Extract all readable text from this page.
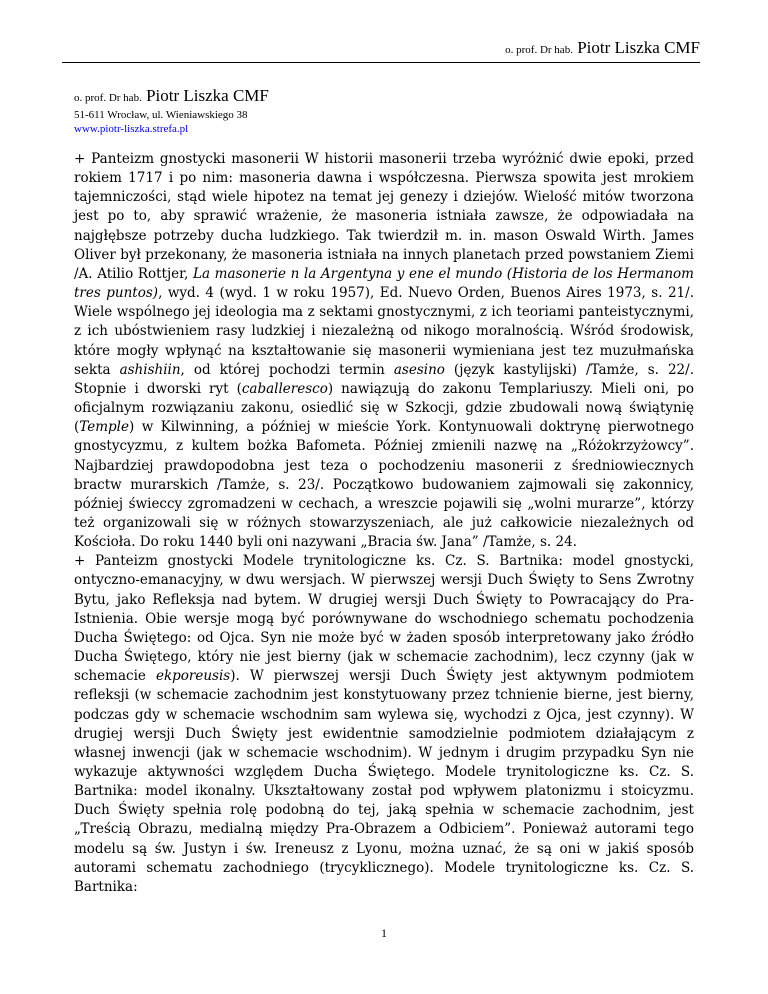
o. prof. Dr hab. Piotr Liszka CMF
o. prof. Dr hab. Piotr Liszka CMF
51-611 Wrocław, ul. Wieniawskiego 38
www.piotr-liszka.strefa.pl

+ Panteizm gnostycki masonerii W historii masonerii trzeba wyróżnić dwie epoki, przed rokiem 1717 i po nim: masoneria dawna i współczesna. Pierwsza spowita jest mrokiem tajemniczości, stąd wiele hipotez na temat jej genezy i dziejów. Wielość mitów tworzona jest po to, aby sprawić wrażenie, że masoneria istniała zawsze, że odpowiadała na najgłębsze potrzeby ducha ludzkiego. Tak twierdził m. in. mason Oswald Wirth. James Oliver był przekonany, że masoneria istniała na innych planetach przed powstaniem Ziemi /A. Atilio Rottjer, La masonerie n la Argentyna y ene el mundo (Historia de los Hermanom tres puntos), wyd. 4 (wyd. 1 w roku 1957), Ed. Nuevo Orden, Buenos Aires 1973, s. 21/. Wiele wspólnego jej ideologia ma z sektami gnostycznymi, z ich teoriami panteistycznymi, z ich ubóstwieniem rasy ludzkiej i niezależną od nikogo moralnością. Wśród środowisk, które mogły wpłynąć na kształtowanie się masonerii wymieniana jest tez muzułmańska sekta ashishiin, od której pochodzi termin asesino (język kastylijski) /Tamże, s. 22/. Stopnie i dworski ryt (caballeresco) nawiązują do zakonu Templariuszy. Mieli oni, po oficjalnym rozwiązaniu zakonu, osiedlić się w Szkocji, gdzie zbudowali nową świątynię (Temple) w Kilwinning, a później w mieście York. Kontynuowali doktrynę pierwotnego gnostycyzmu, z kultem bożka Bafometa. Później zmienili nazwę na „Różokrzyżowcy”. Najbardziej prawdopodobna jest teza o pochodzeniu masonerii z średniowiecznych bractw murarskich /Tamże, s. 23/. Początkowo budowaniem zajmowali się zakonnicy, później świeccy zgromadzeni w cechach, a wreszcie pojawili się „wolni murarze”, którzy też organizowali się w różnych stowarzyszeniach, ale już całkowicie niezależnych od Kościoła. Do roku 1440 byli oni nazywani „Bracia św. Jana” /Tamże, s. 24.
+ Panteizm gnostycki Modele trynitologiczne ks. Cz. S. Bartnika: model gnostycki, ontyczno-emanacyjny, w dwu wersjach. W pierwszej wersji Duch Święty to Sens Zwrotny Bytu, jako Refleksja nad bytem. W drugiej wersji Duch Święty to Powracający do Pra-Istnienia. Obie wersje mogą być porównywane do wschodniego schematu pochodzenia Ducha Świętego: od Ojca. Syn nie może być w żaden sposób interpretowany jako źródło Ducha Świętego, który nie jest bierny (jak w schemacie zachodnim), lecz czynny (jak w schemacie ekporeusis). W pierwszej wersji Duch Święty jest aktywnym podmiotem refleksji (w schemacie zachodnim jest konstytuowany przez tchnienie bierne, jest bierny, podczas gdy w schemacie wschodnim sam wylewa się, wychodzi z Ojca, jest czynny). W drugiej wersji Duch Święty jest ewidentnie samodzielnie podmiotem działającym z własnej inwencji (jak w schemacie wschodnim). W jednym i drugim przypadku Syn nie wykazuje aktywności względem Ducha Świętego. Modele trynitologiczne ks. Cz. S. Bartnika: model ikonalny. Ukształtowany został pod wpływem platonizmu i stoicyzmu. Duch Święty spełnia rolę podobną do tej, jaką spełnia w schemacie zachodnim, jest „Treścią Obrazu, medialną między Pra-Obrazem a Odbiciem”. Ponieważ autorami tego modelu są św. Justyn i św. Ireneusz z Lyonu, można uznać, że są oni w jakiś sposób autorami schematu zachodniego (trycyklicznego). Modele trynitologiczne ks. Cz. S. Bartnika:

1
